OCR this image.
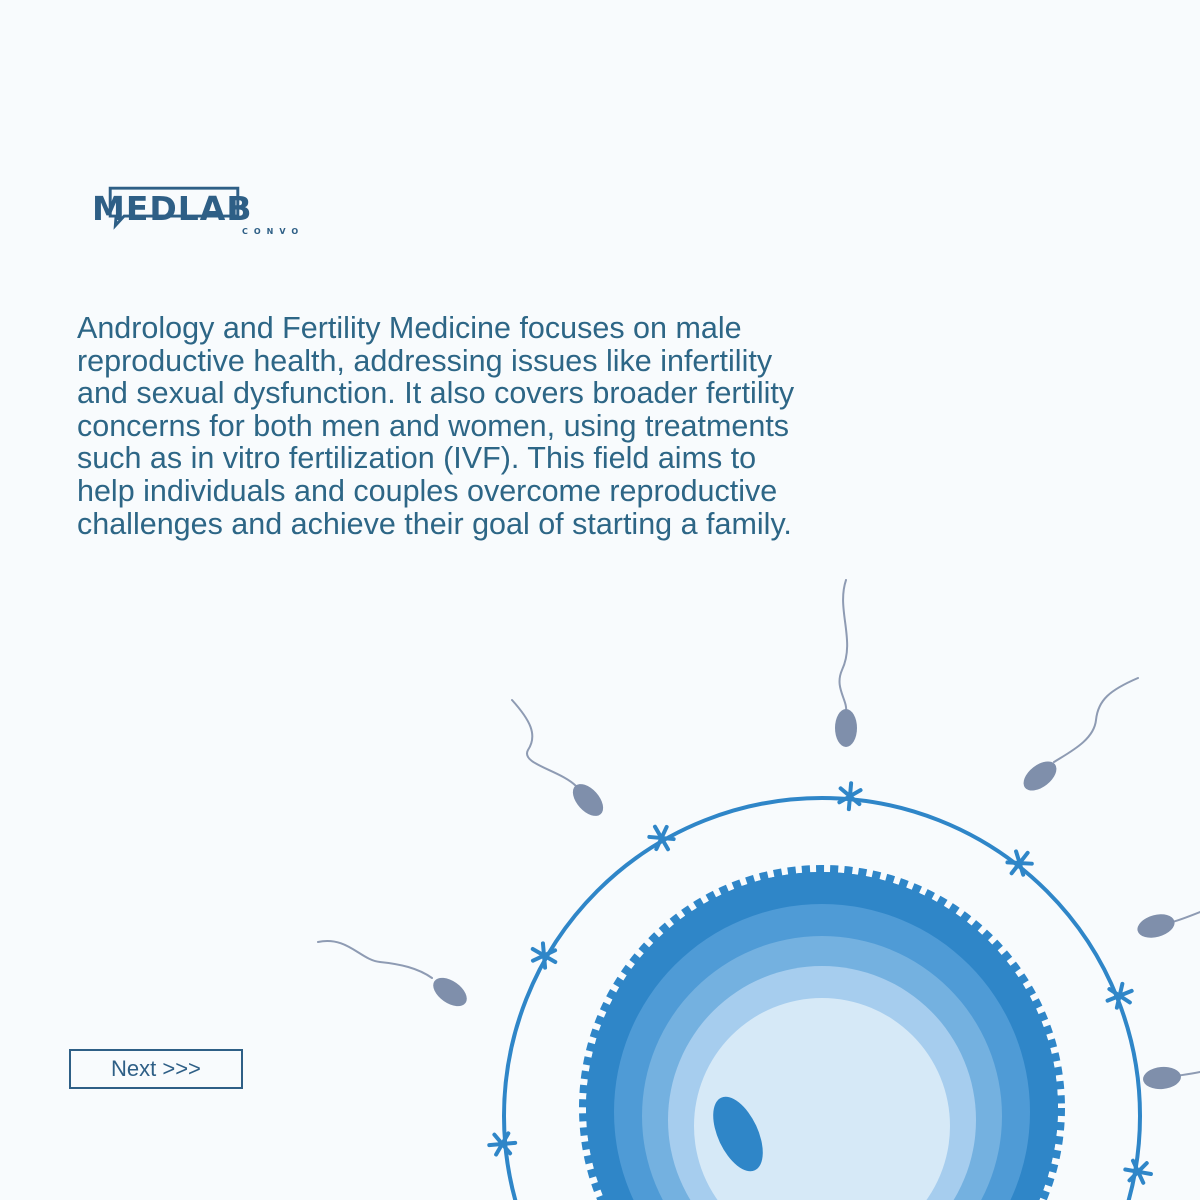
MEDLAB
CONVO

Andrology and Fertility Medicine focuses on male
reproductive health, addressing issues like infertility
and sexual dysfunction. It also covers broader fertility
concerns for both men and women, using treatments
such as in vitro fertilization (IVF). This field aims to
help individuals and couples overcome reproductive
challenges and achieve their goal of starting a family.

Next >>>
